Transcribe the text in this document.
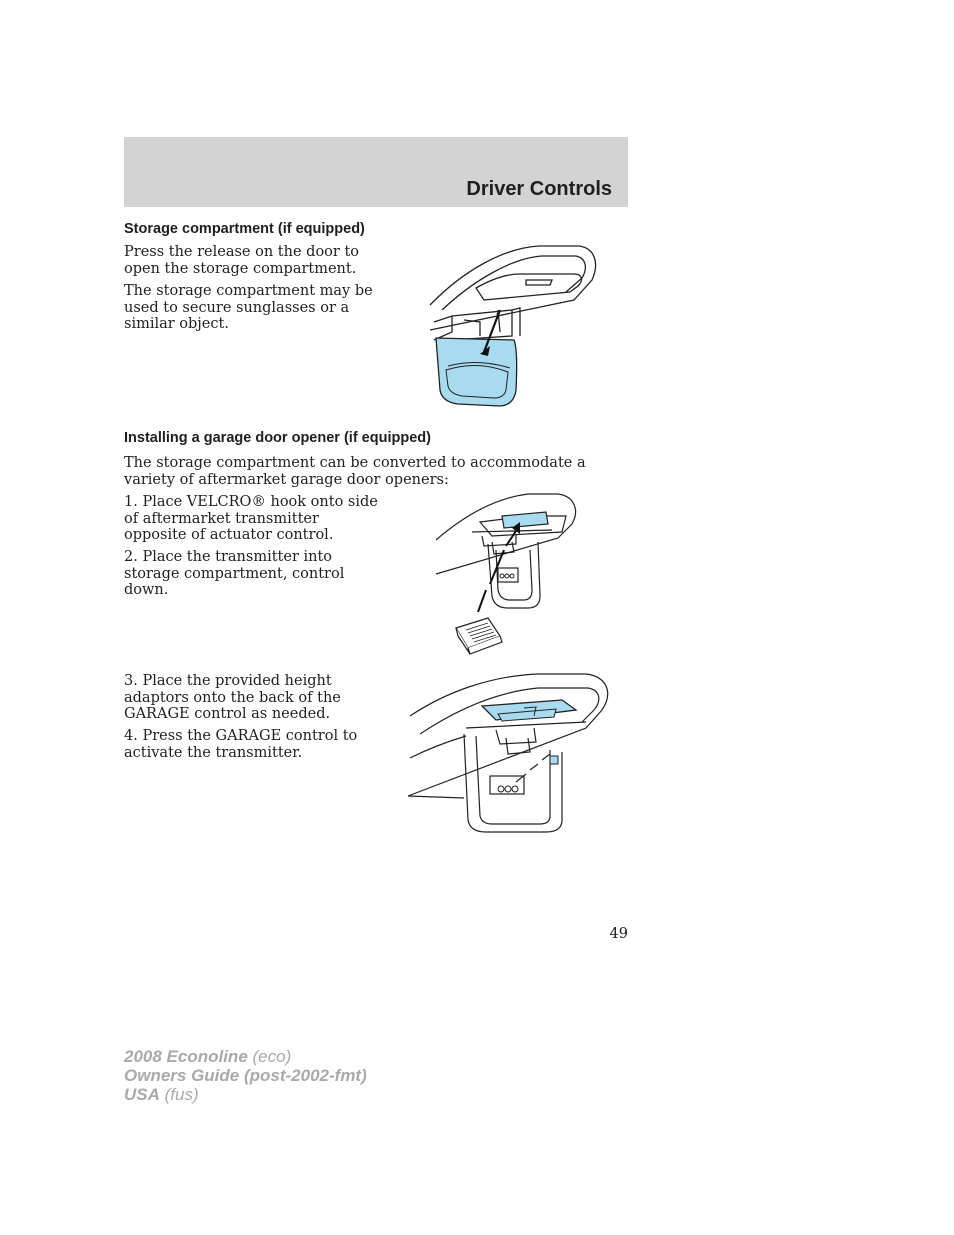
Driver Controls
Storage compartment (if equipped)
Press the release on the door to open the storage compartment.
The storage compartment may be used to secure sunglasses or a similar object.
Installing a garage door opener (if equipped)
The storage compartment can be converted to accommodate a variety of aftermarket garage door openers:
1. Place VELCRO® hook onto side of aftermarket transmitter opposite of actuator control.
2. Place the transmitter into storage compartment, control down.
3. Place the provided height adaptors onto the back of the GARAGE control as needed.
4. Press the GARAGE control to activate the transmitter.
49
2008 Econoline (eco)
Owners Guide (post-2002-fmt)
USA (fus)
